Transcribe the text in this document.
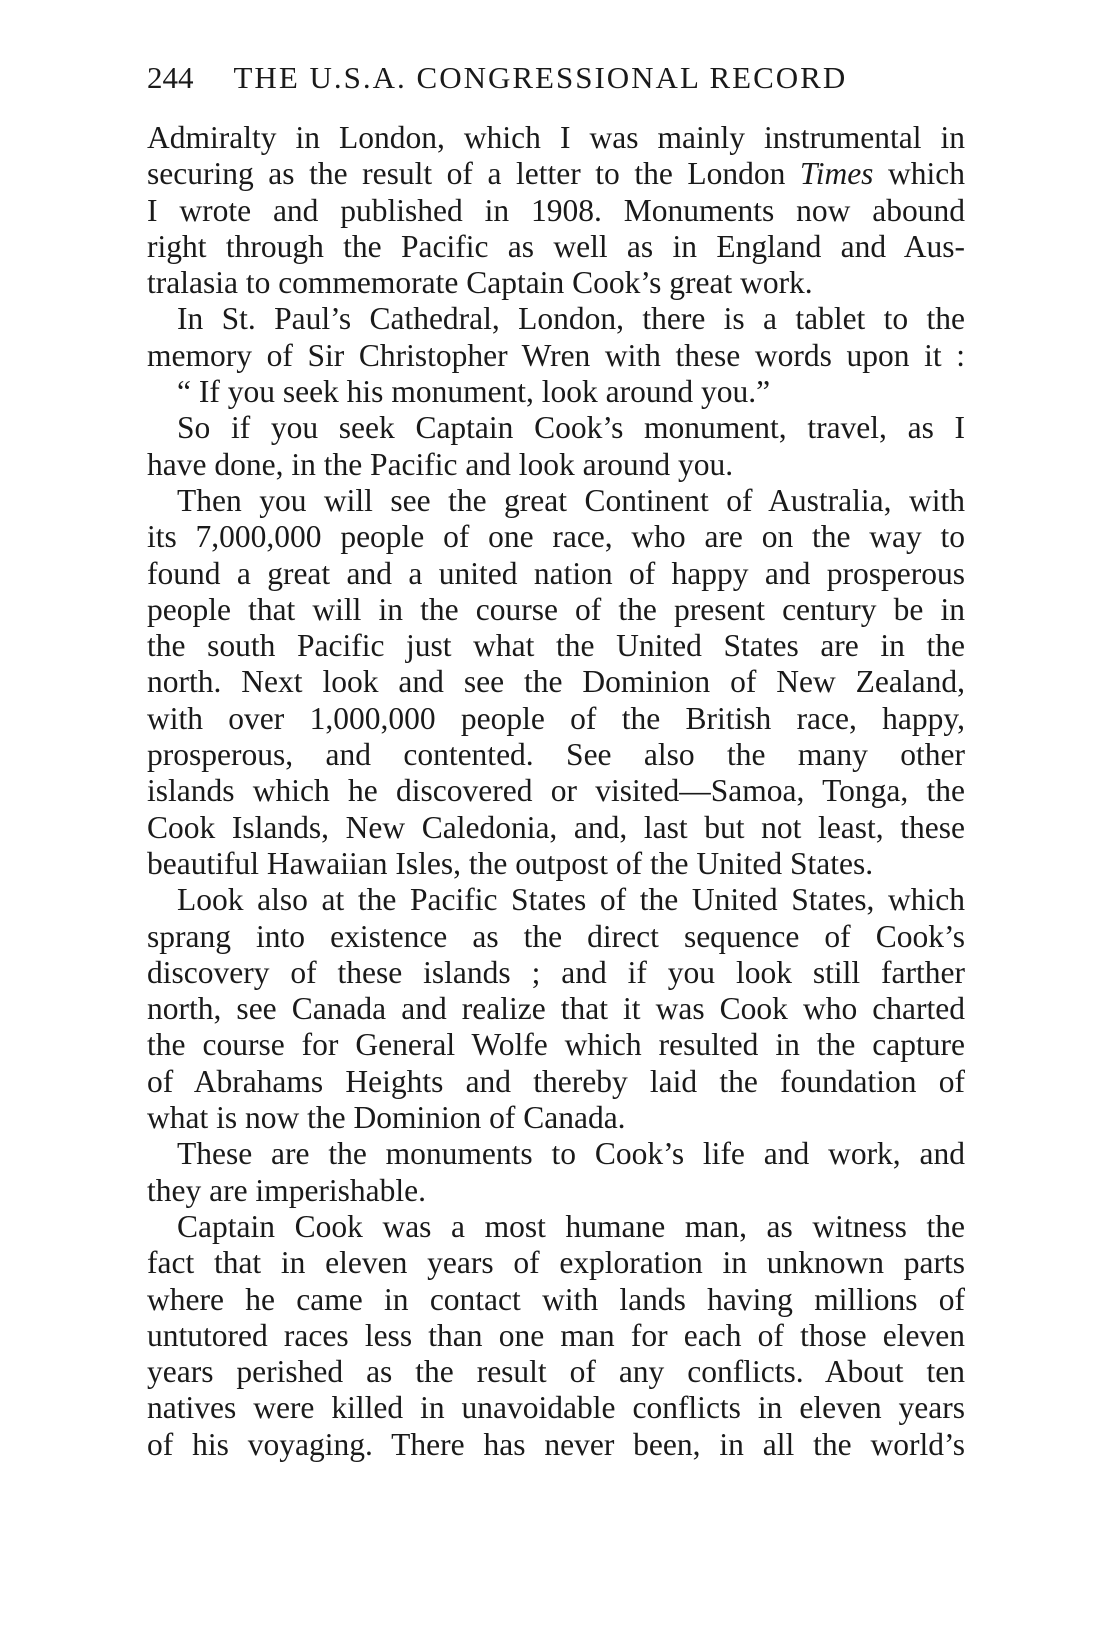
244 THE U.S.A. CONGRESSIONAL RECORD
Admiralty in London, which I was mainly instrumental in
securing as the result of a letter to the London Times which
I wrote and published in 1908. Monuments now abound
right through the Pacific as well as in England and Aus-
tralasia to commemorate Captain Cook’s great work.
In St. Paul’s Cathedral, London, there is a tablet to the
memory of Sir Christopher Wren with these words upon it :
“ If you seek his monument, look around you.”
So if you seek Captain Cook’s monument, travel, as I
have done, in the Pacific and look around you.
Then you will see the great Continent of Australia, with
its 7,000,000 people of one race, who are on the way to
found a great and a united nation of happy and prosperous
people that will in the course of the present century be in
the south Pacific just what the United States are in the
north. Next look and see the Dominion of New Zealand,
with over 1,000,000 people of the British race, happy,
prosperous, and contented. See also the many other
islands which he discovered or visited—Samoa, Tonga, the
Cook Islands, New Caledonia, and, last but not least, these
beautiful Hawaiian Isles, the outpost of the United States.
Look also at the Pacific States of the United States, which
sprang into existence as the direct sequence of Cook’s
discovery of these islands ; and if you look still farther
north, see Canada and realize that it was Cook who charted
the course for General Wolfe which resulted in the capture
of Abrahams Heights and thereby laid the foundation of
what is now the Dominion of Canada.
These are the monuments to Cook’s life and work, and
they are imperishable.
Captain Cook was a most humane man, as witness the
fact that in eleven years of exploration in unknown parts
where he came in contact with lands having millions of
untutored races less than one man for each of those eleven
years perished as the result of any conflicts. About ten
natives were killed in unavoidable conflicts in eleven years
of his voyaging. There has never been, in all the world’s
